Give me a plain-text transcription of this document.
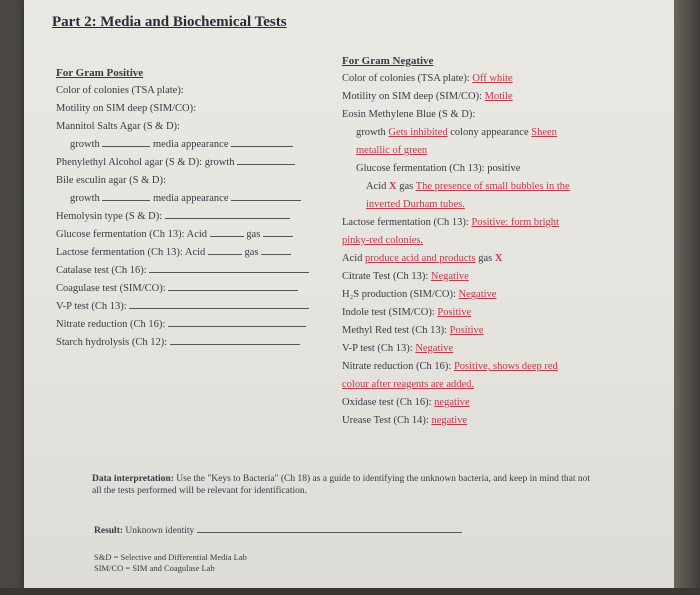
Part 2: Media and Biochemical Tests
For Gram Positive
Color of colonies (TSA plate):
Motility on SIM deep (SIM/CO):
Mannitol Salts Agar (S & D):
growth	media appearance
Phenylethyl Alcohol agar (S & D): growth
Bile esculin agar (S & D):
growth	media appearance
Hemolysin type (S & D):
Glucose fermentation (Ch 13): Acid	gas
Lactose fermentation (Ch 13): Acid	gas
Catalase test (Ch 16):
Coagulase test (SIM/CO):
V-P test (Ch 13):
Nitrate reduction (Ch 16):
Starch hydrolysis (Ch 12):
For Gram Negative
Color of colonies (TSA plate): Off white
Motility on SIM deep (SIM/CO): Motile
Eosin Methylene Blue (S & D):
growth Gets inhibited colony appearance Sheen
metallic of green
Glucose fermentation (Ch 13): positive
Acid X gas The presence of small bubbles in the
inverted Durham tubes.
Lactose fermentation (Ch 13): Positive: form bright
pinky-red colonies.
Acid produce acid and products gas X
Citrate Test (Ch 13): Negative
H₂S production (SIM/CO): Negative
Indole test (SIM/CO): Positive
Methyl Red test (Ch 13): Positive
V-P test (Ch 13): Negative
Nitrate reduction (Ch 16): Positive, shows deep red
colour after reagents are added.
Oxidase test (Ch 16): negative
Urease Test (Ch 14): negative
Data interpretation: Use the "Keys to Bacteria" (Ch 18) as a guide to identifying the unknown bacteria, and keep in mind that not all the tests performed will be relevant for identification.
Result: Unknown identity
S&D = Selective and Differential Media Lab
SIM/CO = SIM and Coagulase Lab
